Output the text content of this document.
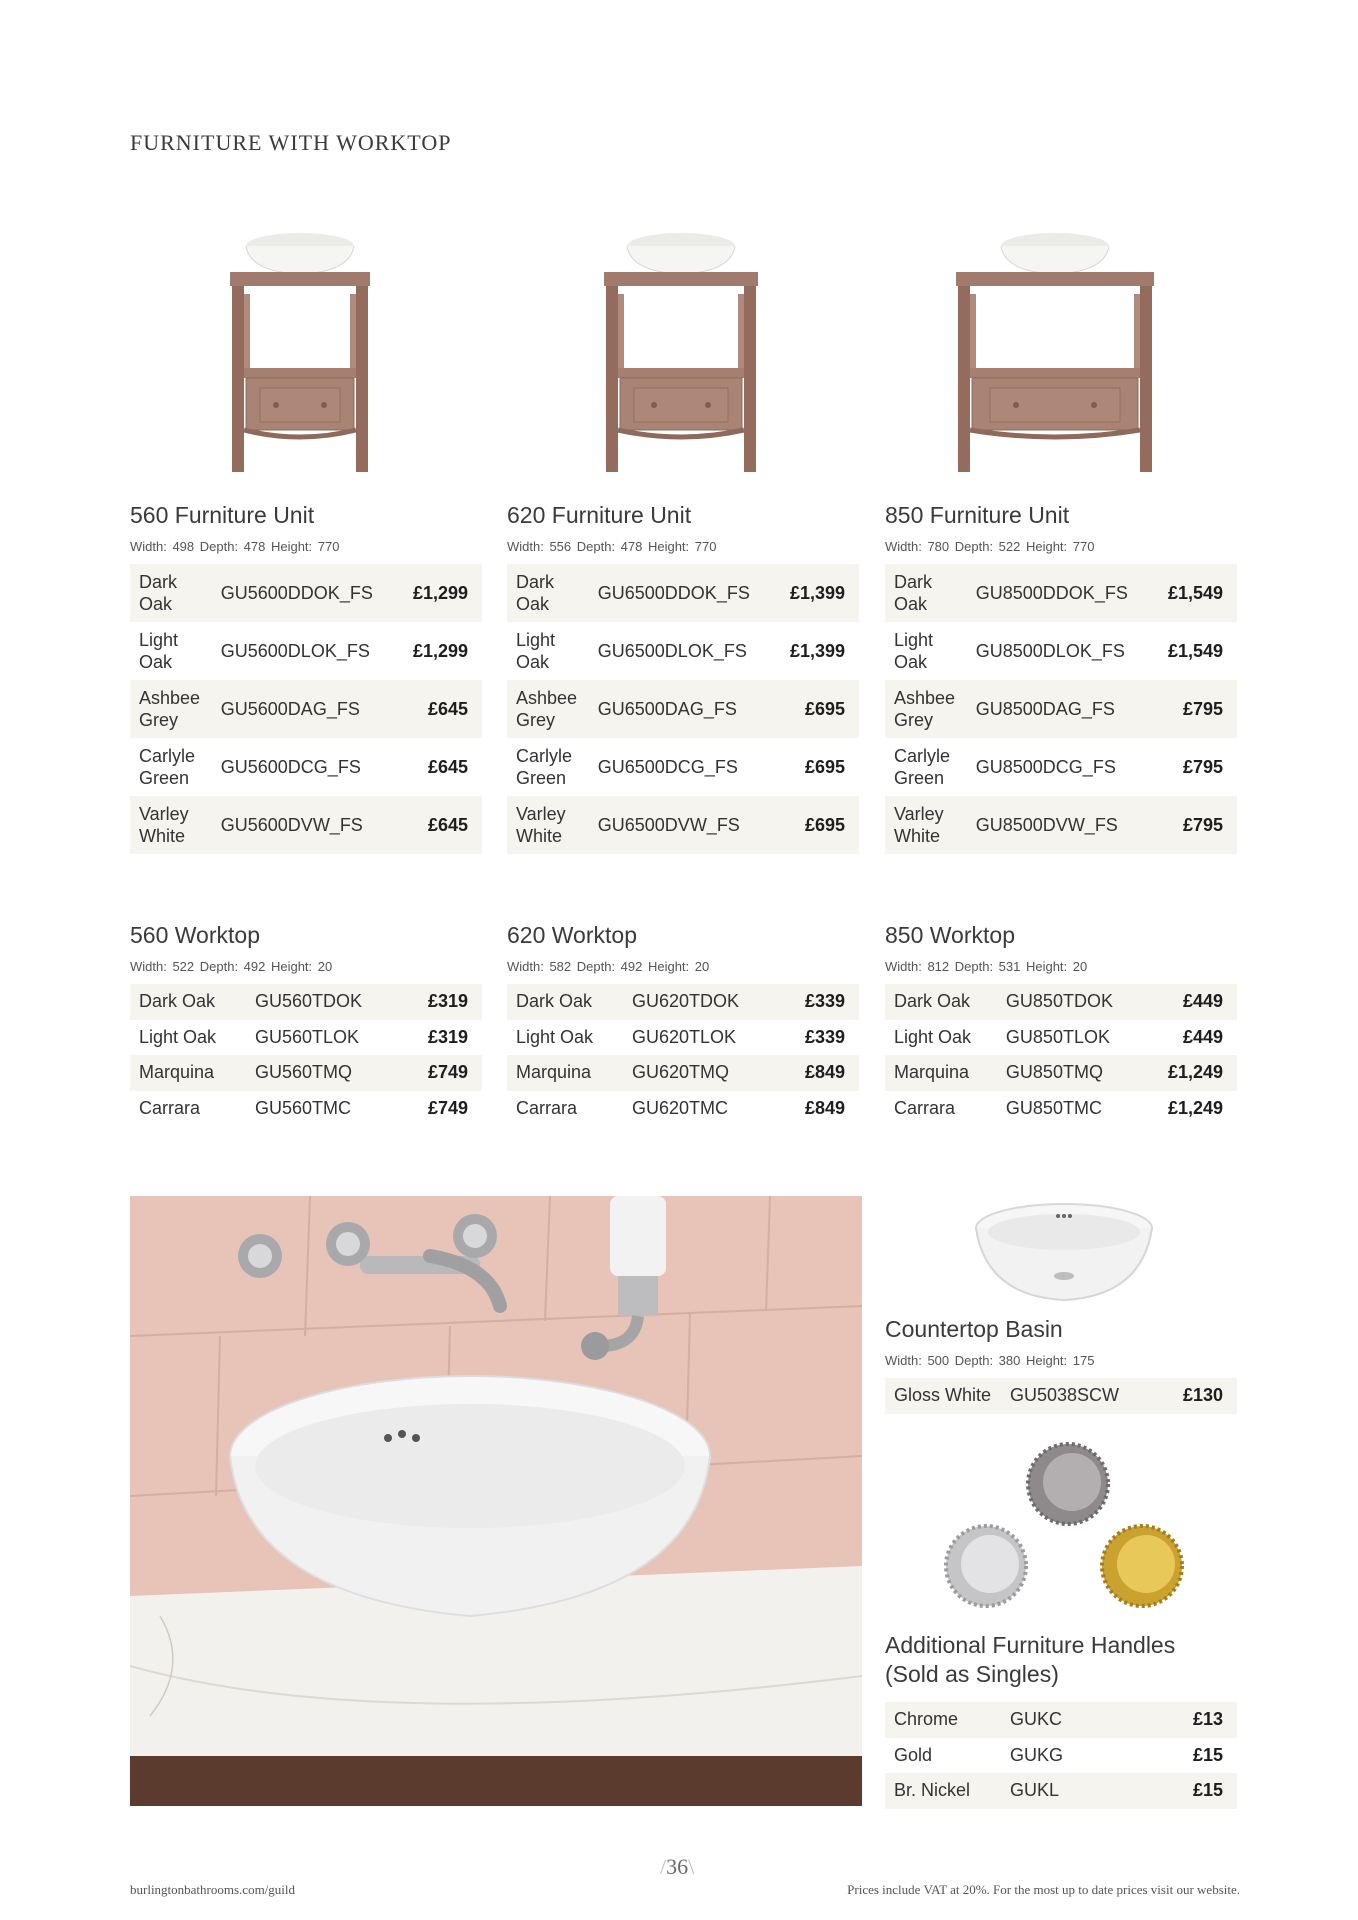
FURNITURE WITH WORKTOP
560 Furniture Unit
Width: 498 Depth: 478 Height: 770
Dark Oak	GU5600DDOK_FS	£1,299
Light Oak	GU5600DLOK_FS	£1,299
Ashbee Grey	GU5600DAG_FS	£645
Carlyle Green	GU5600DCG_FS	£645
Varley White	GU5600DVW_FS	£645
620 Furniture Unit
Width: 556 Depth: 478 Height: 770
Dark Oak	GU6500DDOK_FS	£1,399
Light Oak	GU6500DLOK_FS	£1,399
Ashbee Grey	GU6500DAG_FS	£695
Carlyle Green	GU6500DCG_FS	£695
Varley White	GU6500DVW_FS	£695
850 Furniture Unit
Width: 780 Depth: 522 Height: 770
Dark Oak	GU8500DDOK_FS	£1,549
Light Oak	GU8500DLOK_FS	£1,549
Ashbee Grey	GU8500DAG_FS	£795
Carlyle Green	GU8500DCG_FS	£795
Varley White	GU8500DVW_FS	£795
560 Worktop
Width: 522 Depth: 492 Height: 20
Dark Oak	GU560TDOK	£319
Light Oak	GU560TLOK	£319
Marquina	GU560TMQ	£749
Carrara	GU560TMC	£749
620 Worktop
Width: 582 Depth: 492 Height: 20
Dark Oak	GU620TDOK	£339
Light Oak	GU620TLOK	£339
Marquina	GU620TMQ	£849
Carrara	GU620TMC	£849
850 Worktop
Width: 812 Depth: 531 Height: 20
Dark Oak	GU850TDOK	£449
Light Oak	GU850TLOK	£449
Marquina	GU850TMQ	£1,249
Carrara	GU850TMC	£1,249
Countertop Basin
Width: 500 Depth: 380 Height: 175
Gloss White	GU5038SCW	£130
Additional Furniture Handles
(Sold as Singles)
Chrome	GUKC	£13
Gold	GUKG	£15
Br. Nickel	GUKL	£15
/36\
burlingtonbathrooms.com/guild	Prices include VAT at 20%. For the most up to date prices visit our website.
